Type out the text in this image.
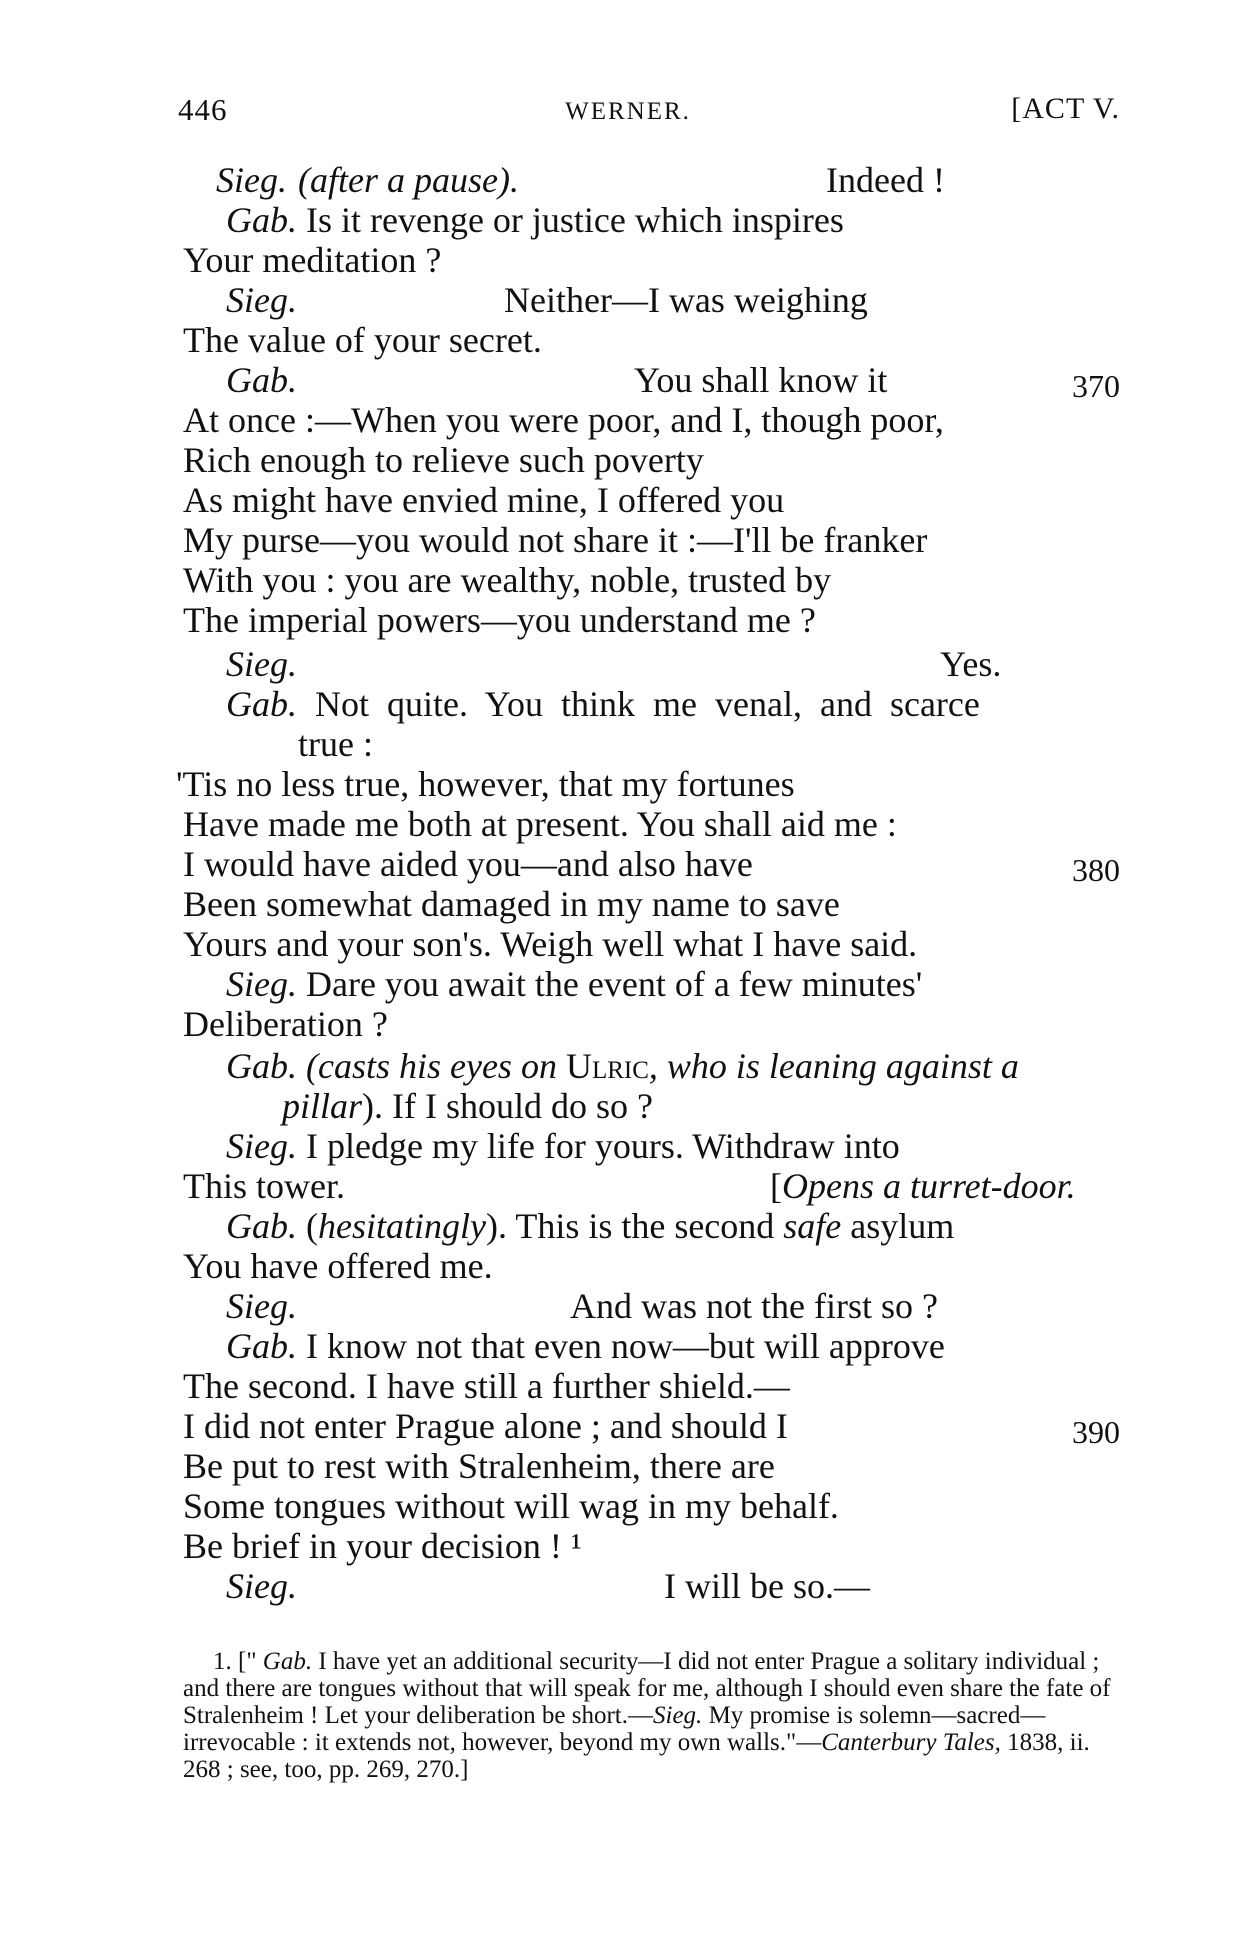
446	WERNER.	[ACT V.
Sieg. (after a pause).	Indeed !
Gab. Is it revenge or justice which inspires
Your meditation ?
Sieg.	Neither—I was weighing
The value of your secret.
Gab.	You shall know it	370
At once :—When you were poor, and I, though poor,
Rich enough to relieve such poverty
As might have envied mine, I offered you
My purse—you would not share it :—I'll be franker
With you : you are wealthy, noble, trusted by
The imperial powers—you understand me ?
Sieg.	Yes.
Gab. Not quite. You think me venal, and scarce
true :
'Tis no less true, however, that my fortunes
Have made me both at present. You shall aid me :
I would have aided you—and also have	380
Been somewhat damaged in my name to save
Yours and your son's. Weigh well what I have said.
Sieg. Dare you await the event of a few minutes'
Deliberation ?
Gab. (casts his eyes on Ulric, who is leaning against a
pillar). If I should do so ?
Sieg. I pledge my life for yours. Withdraw into
This tower.	[Opens a turret-door.
Gab. (hesitatingly). This is the second safe asylum
You have offered me.
Sieg.	And was not the first so ?
Gab. I know not that even now—but will approve
The second. I have still a further shield.—
I did not enter Prague alone ; and should I	390
Be put to rest with Stralenheim, there are
Some tongues without will wag in my behalf.
Be brief in your decision ! ¹
Sieg.	I will be so.—
1. [" Gab. I have yet an additional security—I did not enter Prague a solitary individual ; and there are tongues without that will speak for me, although I should even share the fate of Stralenheim ! Let your deliberation be short.—Sieg. My promise is solemn—sacred—irrevocable : it extends not, however, beyond my own walls."—Canterbury Tales, 1838, ii. 268 ; see, too, pp. 269, 270.]
